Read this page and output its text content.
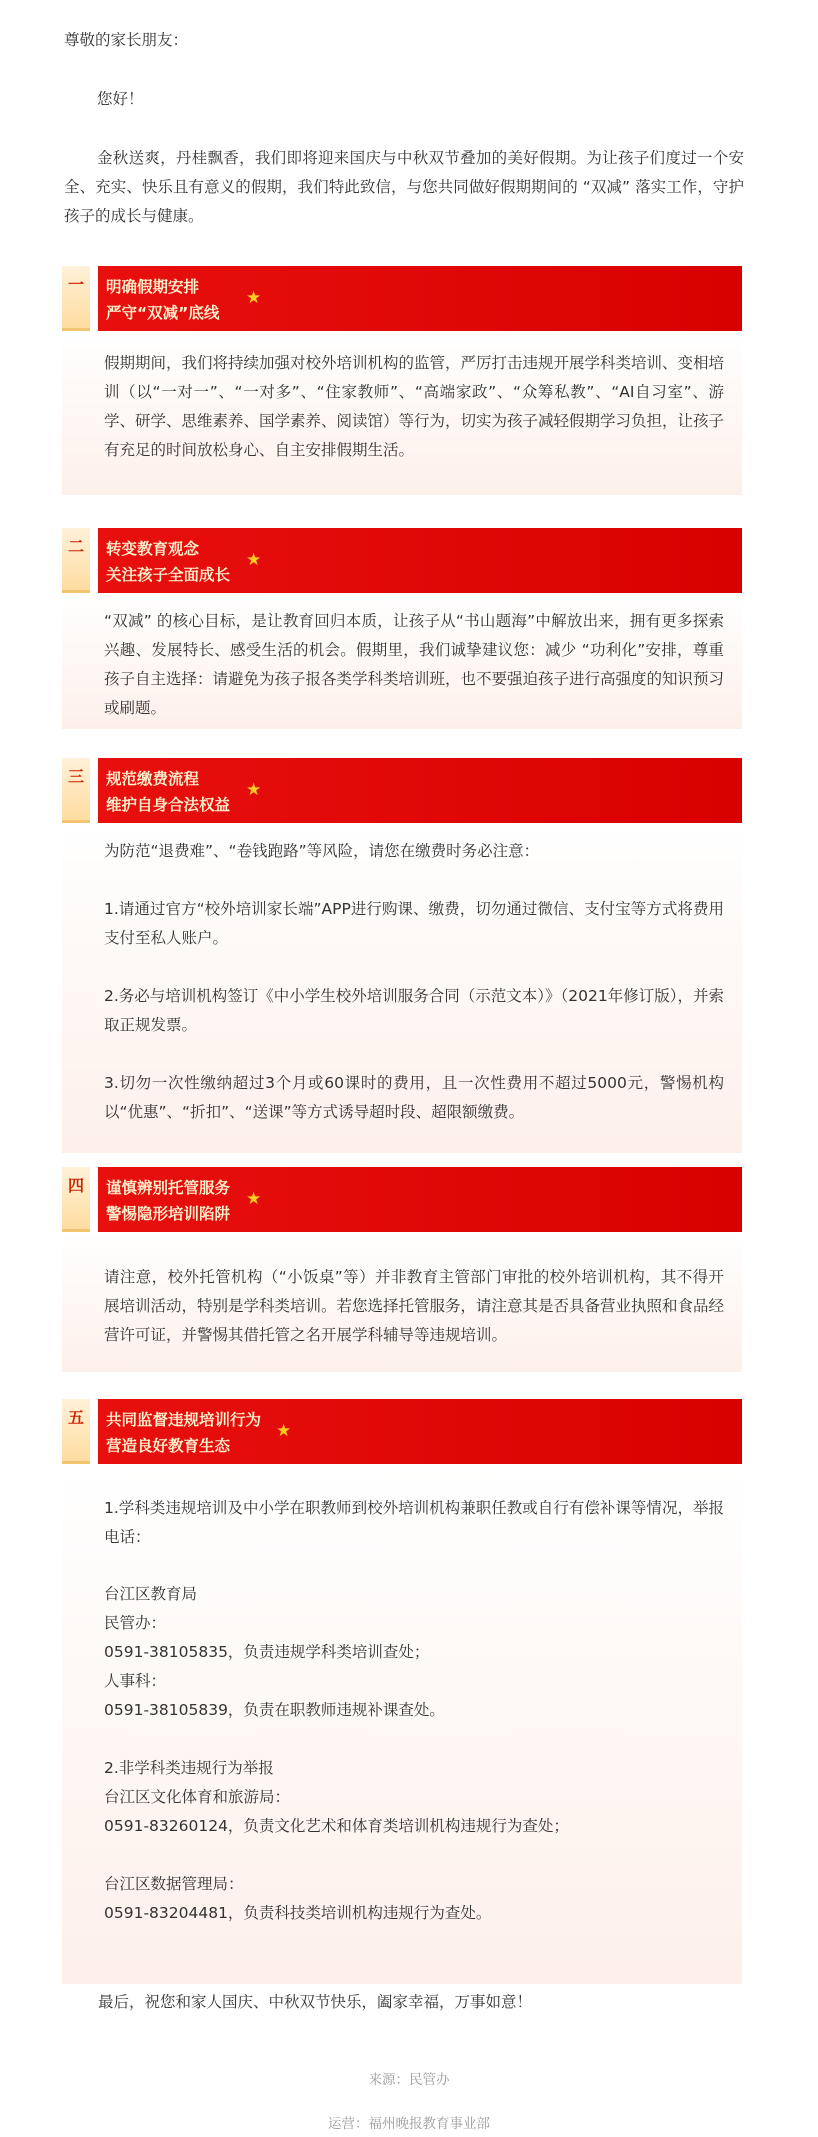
尊敬的家长朋友：

您好！

金秋送爽，丹桂飘香，我们即将迎来国庆与中秋双节叠加的美好假期。为让孩子们度过一个安全、充实、快乐且有意义的假期，我们特此致信，与您共同做好假期期间的 “双减” 落实工作，守护孩子的成长与健康。

一	明确假期安排
严守“双减”底线
★

假期期间，我们将持续加强对校外培训机构的监管，严厉打击违规开展学科类培训、变相培训（以“一对一”、“一对多”、“住家教师”、“高端家政”、“众筹私教”、“AI自习室”、游学、研学、思维素养、国学素养、阅读馆）等行为，切实为孩子减轻假期学习负担，让孩子有充足的时间放松身心、自主安排假期生活。

二	转变教育观念
关注孩子全面成长
★

“双减” 的核心目标，是让教育回归本质，让孩子从“书山题海”中解放出来，拥有更多探索兴趣、发展特长、感受生活的机会。假期里，我们诚挚建议您：减少 “功利化”安排，尊重孩子自主选择：请避免为孩子报各类学科类培训班，也不要强迫孩子进行高强度的知识预习或刷题。

三	规范缴费流程
维护自身合法权益
★

为防范“退费难”、“卷钱跑路”等风险，请您在缴费时务必注意：

1.请通过官方“校外培训家长端”APP进行购课、缴费，切勿通过微信、支付宝等方式将费用支付至私人账户。

2.务必与培训机构签订《中小学生校外培训服务合同（示范文本）》（2021年修订版），并索取正规发票。

3.切勿一次性缴纳超过3个月或60课时的费用，且一次性费用不超过5000元，警惕机构以“优惠”、“折扣”、“送课”等方式诱导超时段、超限额缴费。

四	谨慎辨别托管服务
警惕隐形培训陷阱
★

请注意，校外托管机构（“小饭桌”等）并非教育主管部门审批的校外培训机构，其不得开展培训活动，特别是学科类培训。若您选择托管服务，请注意其是否具备营业执照和食品经营许可证，并警惕其借托管之名开展学科辅导等违规培训。

五	共同监督违规培训行为
营造良好教育生态
★

1.学科类违规培训及中小学在职教师到校外培训机构兼职任教或自行有偿补课等情况，举报电话：

台江区教育局

民管办：

0591-38105835，负责违规学科类培训查处；

人事科：

0591-38105839，负责在职教师违规补课查处。

2.非学科类违规行为举报

台江区文化体育和旅游局：

0591-83260124，负责文化艺术和体育类培训机构违规行为查处；

台江区数据管理局：

0591-83204481，负责科技类培训机构违规行为查处。

最后，祝您和家人国庆、中秋双节快乐，阖家幸福，万事如意！

来源：民管办
运营：福州晚报教育事业部
